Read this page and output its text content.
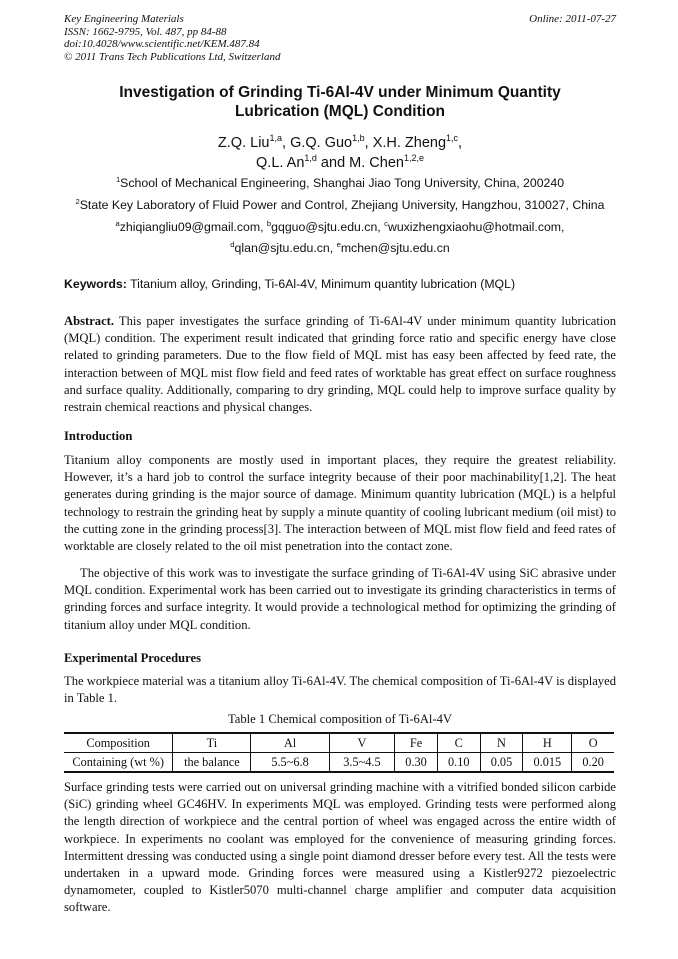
Key Engineering Materials
ISSN: 1662-9795, Vol. 487, pp 84-88
doi:10.4028/www.scientific.net/KEM.487.84
© 2011 Trans Tech Publications Ltd, Switzerland
Online: 2011-07-27
Investigation of Grinding Ti-6Al-4V under Minimum Quantity
Lubrication (MQL) Condition
Z.Q. Liu$^{1,a}$, G.Q. Guo$^{1,b}$, X.H. Zheng$^{1,c}$,
Q.L. An$^{1,d}$ and M. Chen$^{1,2,e}$
$^1$School of Mechanical Engineering, Shanghai Jiao Tong University, China, 200240
$^2$State Key Laboratory of Fluid Power and Control, Zhejiang University, Hangzhou, 310027, China
$^a$zhiqiangliu09@gmail.com, $^b$gqguo@sjtu.edu.cn, $^c$wuxizhengxiaohu@hotmail.com,
$^d$qlan@sjtu.edu.cn, $^e$mchen@sjtu.edu.cn
Keywords: Titanium alloy, Grinding, Ti-6Al-4V, Minimum quantity lubrication (MQL)
Abstract. This paper investigates the surface grinding of Ti-6Al-4V under minimum quantity lubrication (MQL) condition. The experiment result indicated that grinding force ratio and specific energy have close related to grinding parameters. Due to the flow field of MQL mist has easy been affected by feed rate, the interaction between of MQL mist flow field and feed rates of worktable has great effect on surface roughness and surface quality. Additionally, comparing to dry grinding, MQL could help to improve surface quality by restrain chemical reactions and physical changes.
Introduction
Titanium alloy components are mostly used in important places, they require the greatest reliability. However, it’s a hard job to control the surface integrity because of their poor machinability[1,2]. The heat generates during grinding is the major source of damage. Minimum quantity lubrication (MQL) is a helpful technology to restrain the grinding heat by supply a minute quantity of cooling lubricant medium (oil mist) to the cutting zone in the grinding process[3]. The interaction between of MQL mist flow field and feed rates of worktable are closely related to the oil mist penetration into the contact zone.
The objective of this work was to investigate the surface grinding of Ti-6Al-4V using SiC abrasive under MQL condition. Experimental work has been carried out to investigate its grinding characteristics in terms of grinding forces and surface integrity. It would provide a technological method for optimizing the grinding of titanium alloy under MQL condition.
Experimental Procedures
The workpiece material was a titanium alloy Ti-6Al-4V. The chemical composition of Ti-6Al-4V is displayed in Table 1.
Table 1 Chemical composition of Ti-6Al-4V
Composition	Ti	Al	V	Fe	C	N	H	O
Containing (wt %)	the balance	5.5~6.8	3.5~4.5	0.30	0.10	0.05	0.015	0.20
Surface grinding tests were carried out on universal grinding machine with a vitrified bonded silicon carbide (SiC) grinding wheel GC46HV. In experiments MQL was employed. Grinding tests were performed along the length direction of workpiece and the central portion of wheel was engaged across the entire width of workpiece. In experiments no coolant was employed for the convenience of measuring grinding forces. Intermittent dressing was conducted using a single point diamond dresser before every test. All the tests were undertaken in a upward mode. Grinding forces were measured using a Kistler9272 piezoelectric dynamometer, coupled to Kistler5070 multi-channel charge amplifier and computer data acquisition software.
